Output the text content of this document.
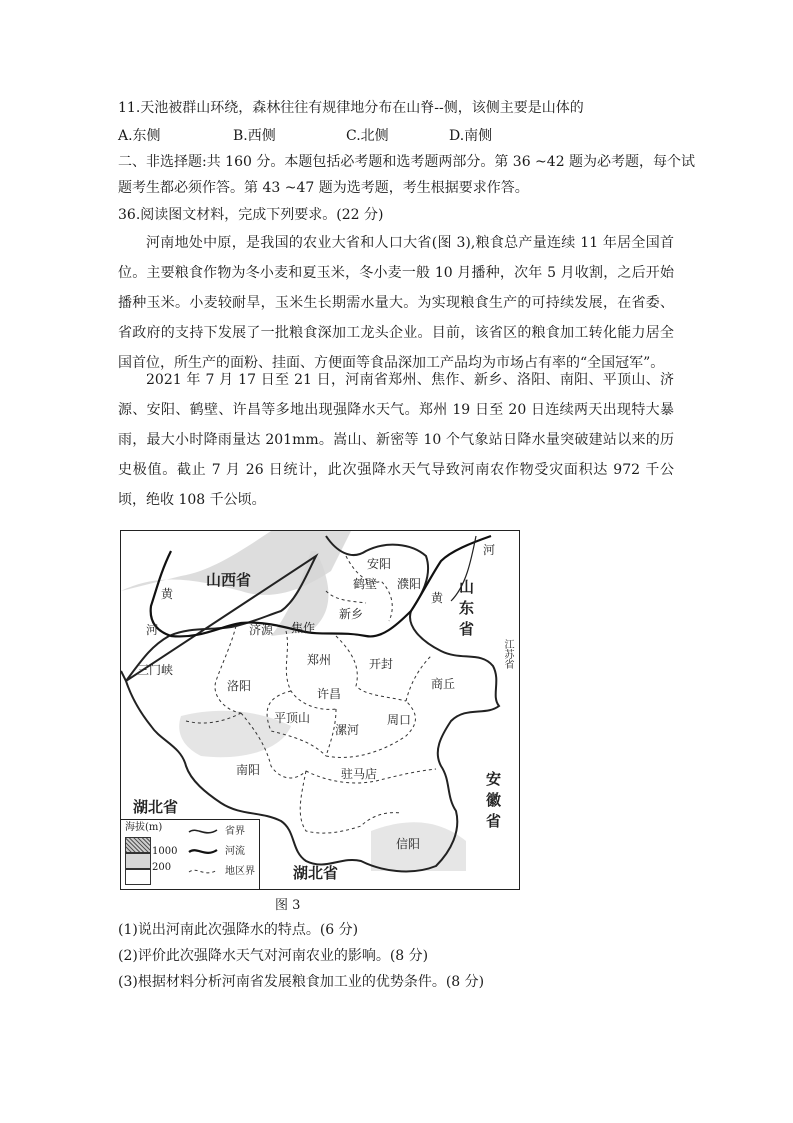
11.天池被群山环绕，森林往往有规律地分布在山脊--侧，该侧主要是山体的
A.东侧	B.西侧	C.北侧	D.南侧
二、非选择题:共 160 分。本题包括必考题和选考题两部分。第 36 ~42 题为必考题，每个试
题考生都必须作答。第 43 ~47 题为选考题，考生根据要求作答。
36.阅读图文材料，完成下列要求。(22 分)
河南地处中原，是我国的农业大省和人口大省(图 3),粮食总产量连续 11 年居全国首位。主要粮食作物为冬小麦和夏玉米，冬小麦一般 10 月播种，次年 5 月收割，之后开始播种玉米。小麦较耐旱，玉米生长期需水量大。为实现粮食生产的可持续发展，在省委、省政府的支持下发展了一批粮食深加工龙头企业。目前，该省区的粮食加工转化能力居全国首位，所生产的面粉、挂面、方便面等食品深加工产品均为市场占有率的“全国冠军”。
2021 年 7 月 17 日至 21 日，河南省郑州、焦作、新乡、洛阳、南阳、平顶山、济源、安阳、鹤壁、许昌等多地出现强降水天气。郑州 19 日至 20 日连续两天出现特大暴雨，最大小时降雨量达 201mm。嵩山、新密等 10 个气象站日降水量突破建站以来的历史极值。截止 7 月 26 日统计，此次强降水天气导致河南农作物受灾面积达 972 千公顷，绝收 108 千公顷。
山西省	山东省
湖北省
湖北省
安徽省
江苏省
黄
河
黄
河
安阳
鹤壁 濮阳
新乡
济源 焦作
三门峡
郑州	开封
商丘
洛阳
许昌
平顶山
漯河
周口
南阳	驻马店
信阳
海拔(m)
1000
200
省界
河流
地区界
图 3
(1)说出河南此次强降水的特点。(6 分)
(2)评价此次强降水天气对河南农业的影响。(8 分)
(3)根据材料分析河南省发展粮食加工业的优势条件。(8 分)
